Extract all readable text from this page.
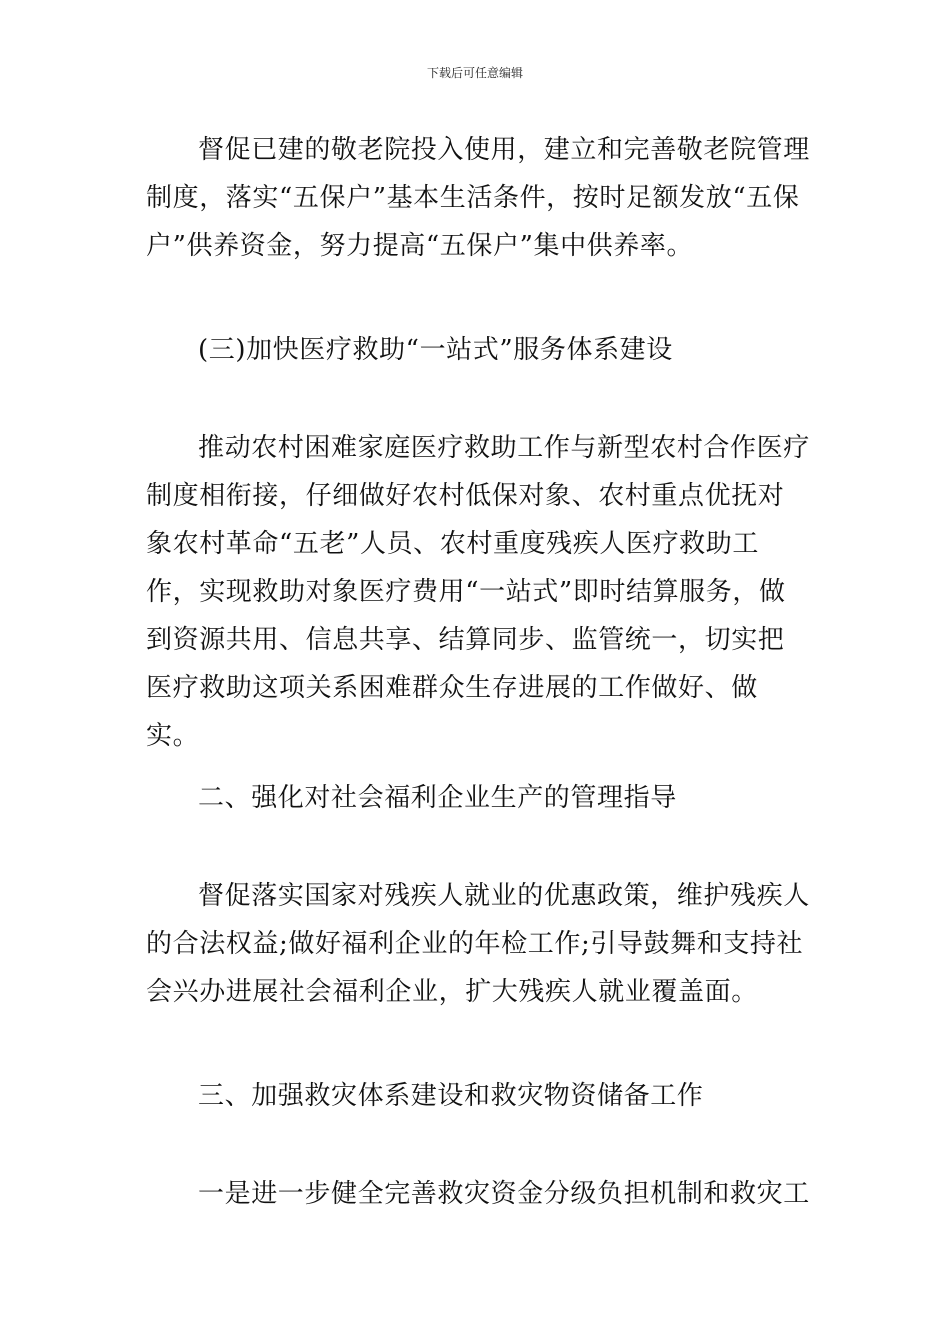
下载后可任意编辑

督促已建的敬老院投入使用，建立和完善敬老院管理制度，落实“五保户”基本生活条件，按时足额发放“五保户”供养资金，努力提高“五保户”集中供养率。

(三)加快医疗救助“一站式”服务体系建设

推动农村困难家庭医疗救助工作与新型农村合作医疗制度相衔接，仔细做好农村低保对象、农村重点优抚对象农村革命“五老”人员、农村重度残疾人医疗救助工作，实现救助对象医疗费用“一站式”即时结算服务，做到资源共用、信息共享、结算同步、监管统一，切实把医疗救助这项关系困难群众生存进展的工作做好、做实。

二、强化对社会福利企业生产的管理指导

督促落实国家对残疾人就业的优惠政策，维护残疾人的合法权益;做好福利企业的年检工作;引导鼓舞和支持社会兴办进展社会福利企业，扩大残疾人就业覆盖面。

三、加强救灾体系建设和救灾物资储备工作

一是进一步健全完善救灾资金分级负担机制和救灾工
